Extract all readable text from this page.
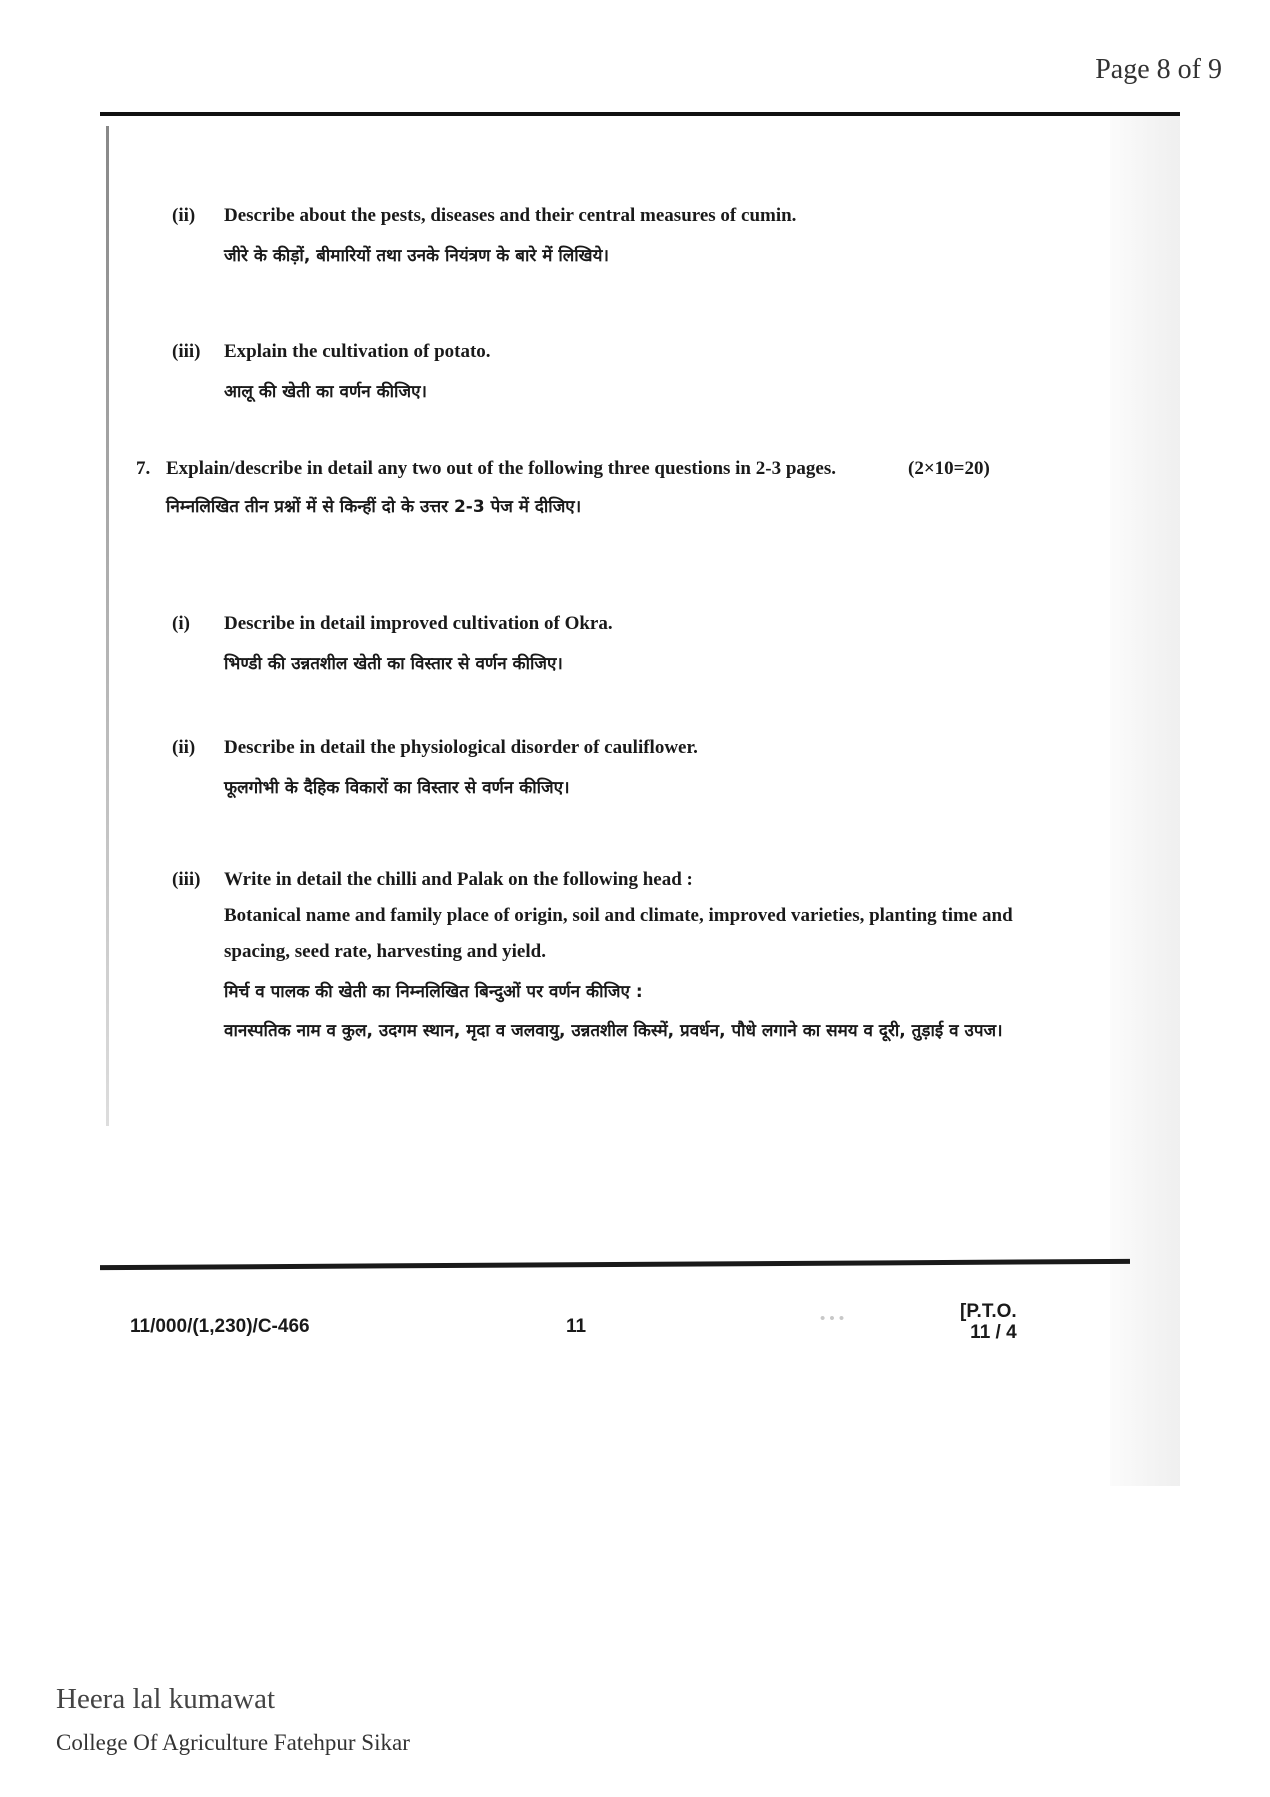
Page 8 of 9
(ii) Describe about the pests, diseases and their central measures of cumin.
जीरे के कीड़ों, बीमारियों तथा उनके नियंत्रण के बारे में लिखिये।
(iii) Explain the cultivation of potato.
आलू की खेती का वर्णन कीजिए।
7. Explain/describe in detail any two out of the following three questions in 2-3 pages.	(2×10=20)
निम्नलिखित तीन प्रश्नों में से किन्हीं दो के उत्तर 2-3 पेज में दीजिए।
(i) Describe in detail improved cultivation of Okra.
भिण्डी की उन्नतशील खेती का विस्तार से वर्णन कीजिए।
(ii) Describe in detail the physiological disorder of cauliflower.
फूलगोभी के दैहिक विकारों का विस्तार से वर्णन कीजिए।
(iii) Write in detail the chilli and Palak on the following head :
Botanical name and family place of origin, soil and climate, improved varieties, planting time and spacing, seed rate, harvesting and yield.
मिर्च व पालक की खेती का निम्नलिखित बिन्दुओं पर वर्णन कीजिए :
वानस्पतिक नाम व कुल, उदगम स्थान, मृदा व जलवायु, उन्नतशील किस्में, प्रवर्धन, पौधे लगाने का समय व दूरी, तुड़ाई व उपज।
11/000/(1,230)/C-466	11	• • •	[P.T.O.
11 / 4
Heera lal kumawat
College Of Agriculture Fatehpur Sikar
